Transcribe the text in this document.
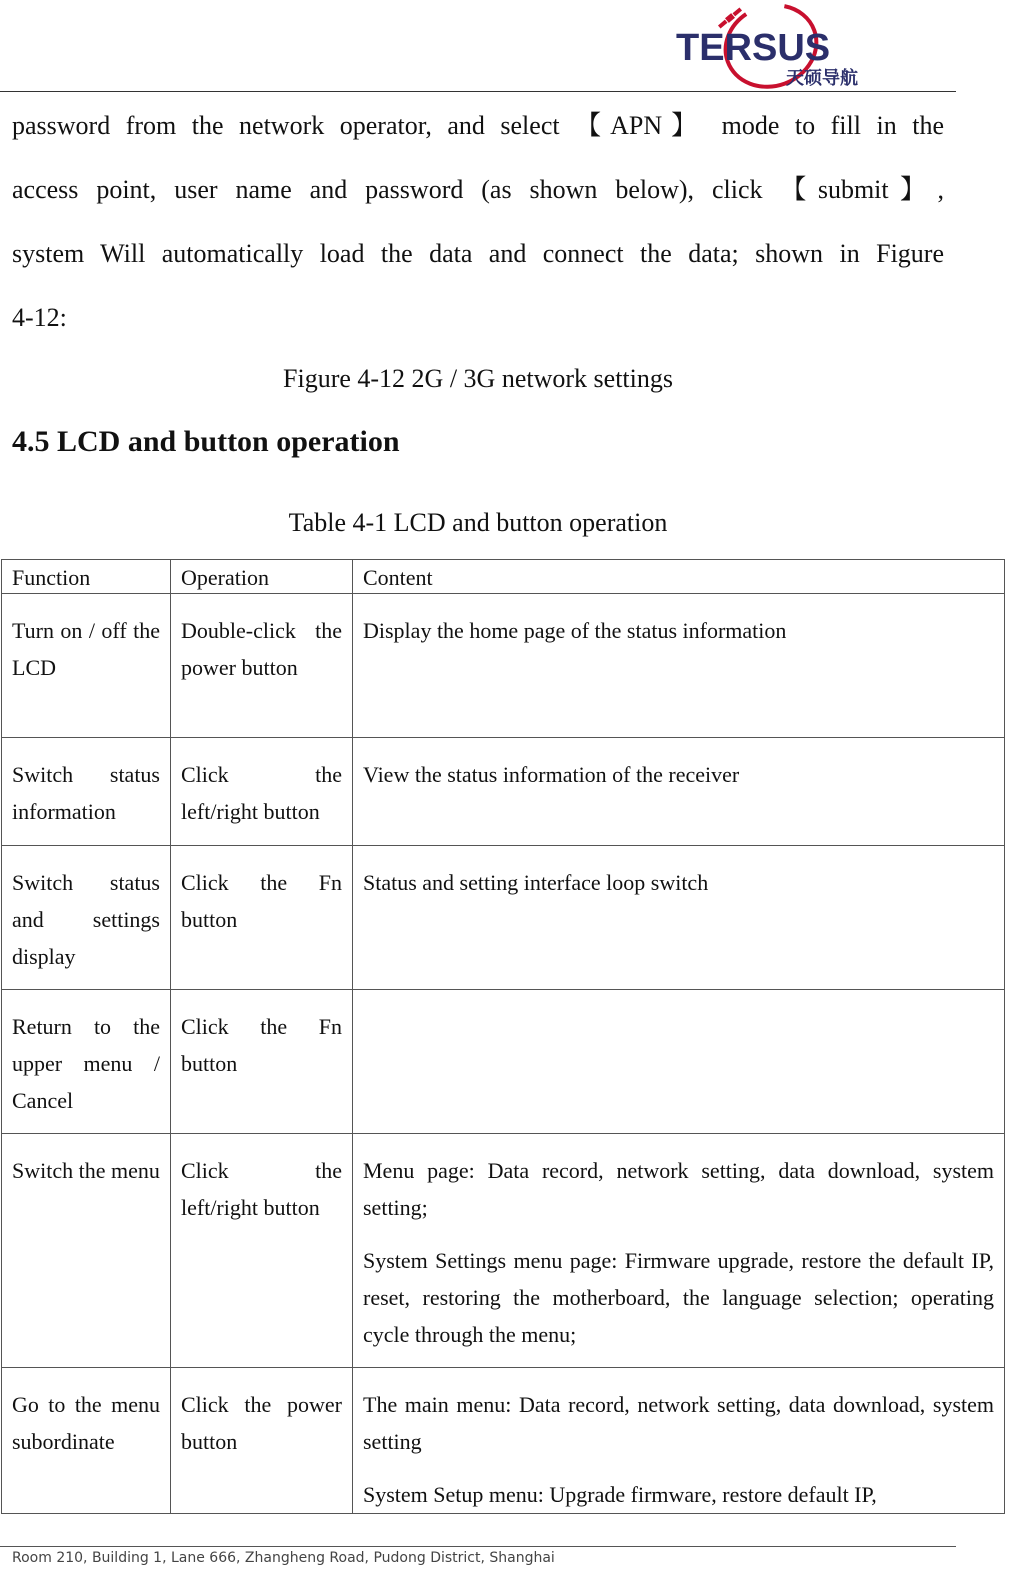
TERSUS
天硕导航
password from the network operator, and select 【APN】 mode to fill in the
access point, user name and password (as shown below), click 【submit】,
system Will automatically load the data and connect the data; shown in Figure
4-12:
Figure 4-12 2G / 3G network settings
4.5 LCD and button operation
Table 4-1 LCD and button operation
Function	Operation	Content
Turn on / off the LCD	Double-click the power button	Display the home page of the status information

Switch status information	Click the left/right button	View the status information of the receiver

Switch status and settings display	Click the Fn button	Status and setting interface loop switch

Return to the upper menu / Cancel	Click the Fn button	

Switch the menu	Click the left/right button	Menu page: Data record, network setting, data download, system setting;

System Settings menu page: Firmware upgrade, restore the default IP, reset, restoring the motherboard, the language selection; operating cycle through the menu;

Go to the menu subordinate	Click the power button	The main menu: Data record, network setting, data download, system setting

System Setup menu: Upgrade firmware, restore default IP,

Room 210, Building 1, Lane 666, Zhangheng Road, Pudong District, Shanghai
